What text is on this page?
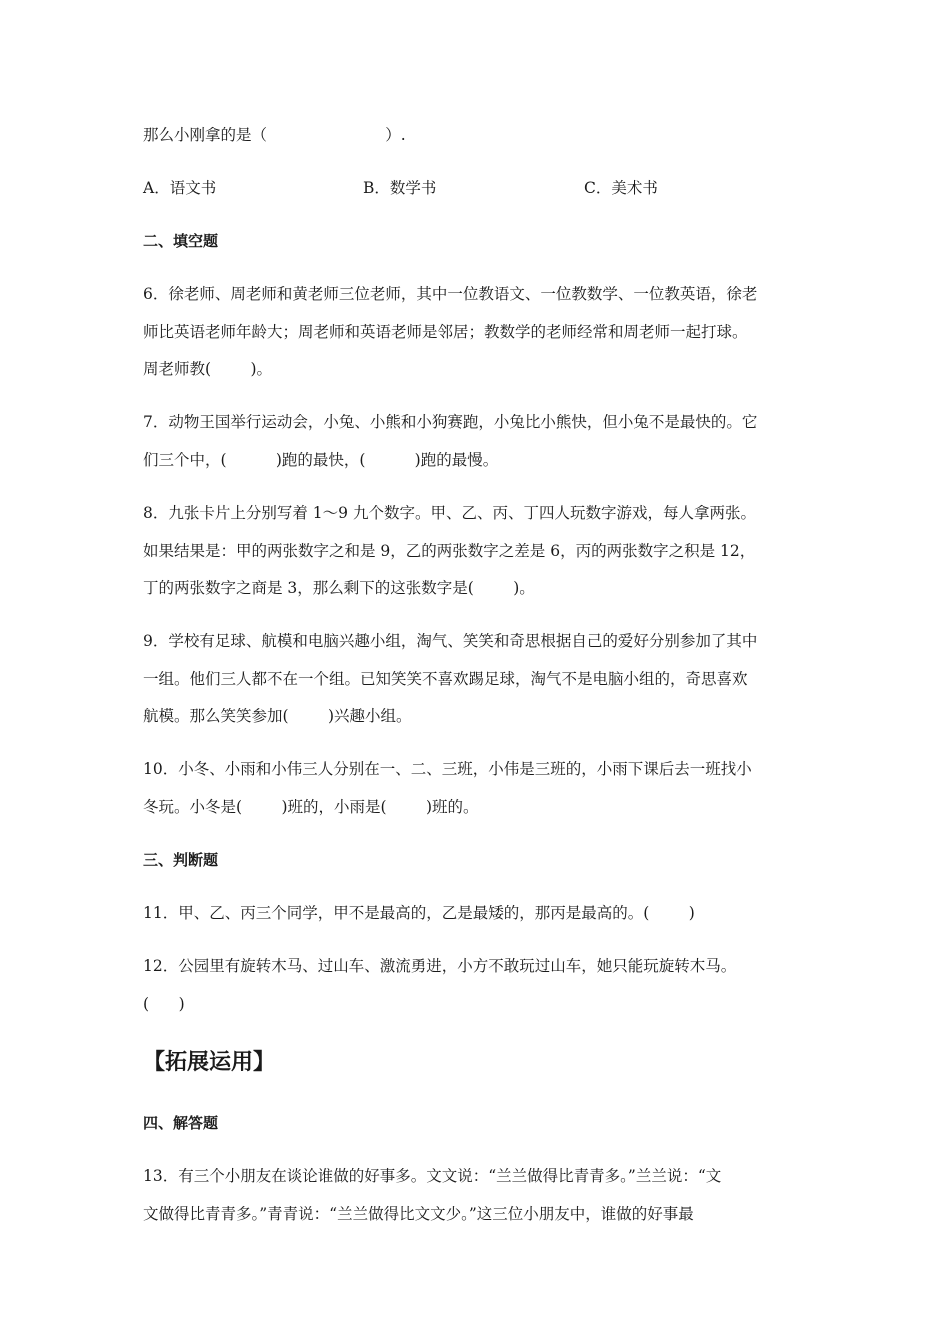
那么小刚拿的是（                        ）.
A．语文书	B．数学书	C．美术书
二、填空题
6．徐老师、周老师和黄老师三位老师，其中一位教语文、一位教数学、一位教英语，徐老
师比英语老师年龄大；周老师和英语老师是邻居；教数学的老师经常和周老师一起打球。
周老师教(        )。
7．动物王国举行运动会，小兔、小熊和小狗赛跑，小兔比小熊快，但小兔不是最快的。它
们三个中，(          )跑的最快，(          )跑的最慢。
8．九张卡片上分别写着 1～9 九个数字。甲、乙、丙、丁四人玩数字游戏，每人拿两张。
如果结果是：甲的两张数字之和是 9，乙的两张数字之差是 6，丙的两张数字之积是 12，
丁的两张数字之商是 3，那么剩下的这张数字是(        )。
9．学校有足球、航模和电脑兴趣小组，淘气、笑笑和奇思根据自己的爱好分别参加了其中
一组。他们三人都不在一个组。已知笑笑不喜欢踢足球，淘气不是电脑小组的，奇思喜欢
航模。那么笑笑参加(        )兴趣小组。
10．小冬、小雨和小伟三人分别在一、二、三班，小伟是三班的，小雨下课后去一班找小
冬玩。小冬是(        )班的，小雨是(        )班的。
三、判断题
11．甲、乙、丙三个同学，甲不是最高的，乙是最矮的，那丙是最高的。(        )
12．公园里有旋转木马、过山车、激流勇进，小方不敢玩过山车，她只能玩旋转木马。
(      )
【拓展运用】
四、解答题
13．有三个小朋友在谈论谁做的好事多。文文说：“兰兰做得比青青多。”兰兰说：“文
文做得比青青多。”青青说：“兰兰做得比文文少。”这三位小朋友中，谁做的好事最
